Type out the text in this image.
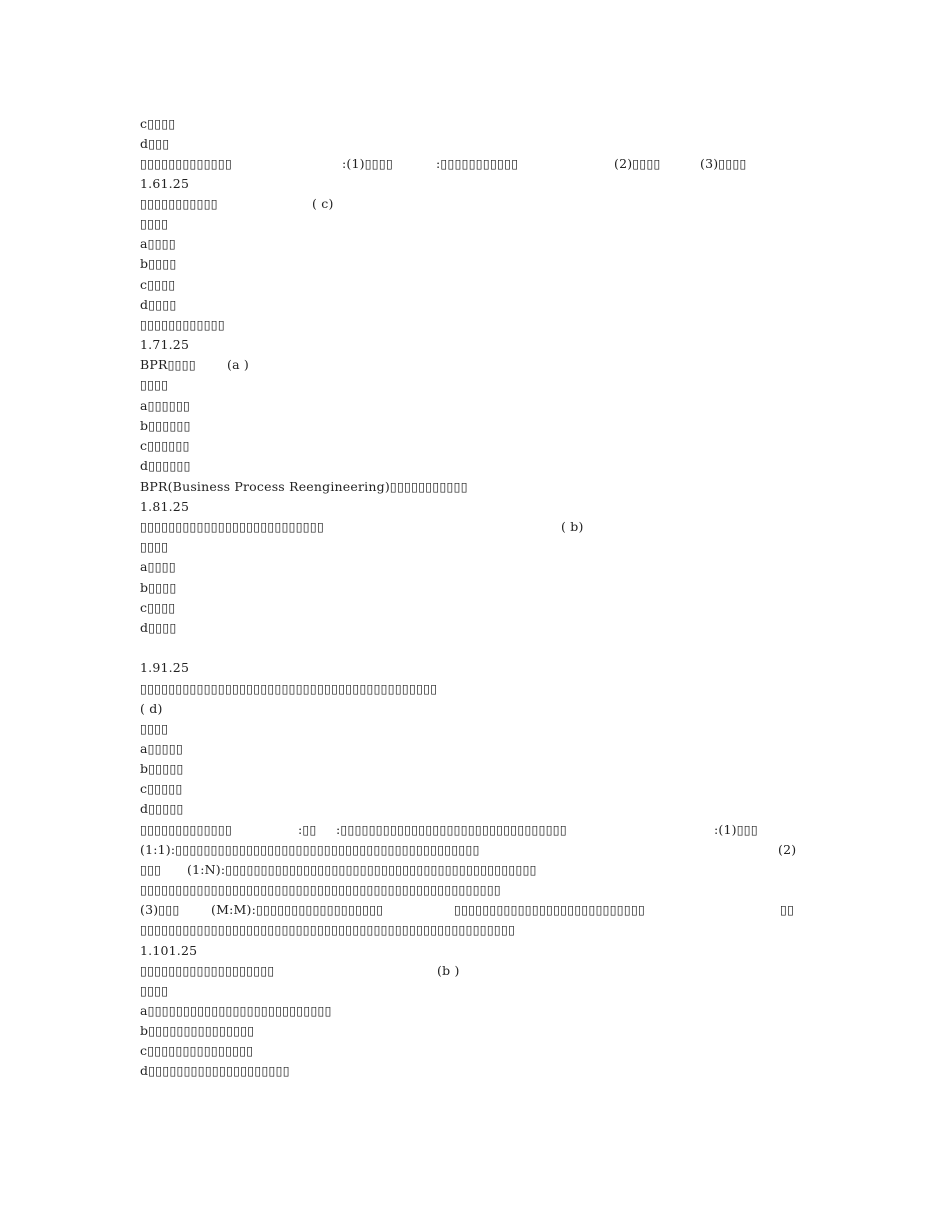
c▯▯▯▯
d▯▯▯
▯▯▯▯▯▯▯▯▯▯▯▯▯	:(1)▯▯▯▯	:▯▯▯▯▯▯▯▯▯▯▯	(2)▯▯▯▯	(3)▯▯▯▯
1.61.25
▯▯▯▯▯▯▯▯▯▯▯	( c)
▯▯▯▯
a▯▯▯▯
b▯▯▯▯
c▯▯▯▯
d▯▯▯▯
▯▯▯▯▯▯▯▯▯▯▯▯
1.71.25
BPR▯▯▯▯ (a )
▯▯▯▯
a▯▯▯▯▯▯
b▯▯▯▯▯▯
c▯▯▯▯▯▯
d▯▯▯▯▯▯
BPR(Business Process Reengineering)▯▯▯▯▯▯▯▯▯▯▯
1.81.25
▯▯▯▯▯▯▯▯▯▯▯▯▯▯▯▯▯▯▯▯▯▯▯▯▯▯	( b)
▯▯▯▯
a▯▯▯▯
b▯▯▯▯
c▯▯▯▯
d▯▯▯▯
1.91.25
▯▯▯▯▯▯▯▯▯▯▯▯▯▯▯▯▯▯▯▯▯▯▯▯▯▯▯▯▯▯▯▯▯▯▯▯▯▯▯▯▯▯
( d)
▯▯▯▯
a▯▯▯▯▯
b▯▯▯▯▯
c▯▯▯▯▯
d▯▯▯▯▯
▯▯▯▯▯▯▯▯▯▯▯▯▯	:▯▯ :▯▯▯▯▯▯▯▯▯▯▯▯▯▯▯▯▯▯▯▯▯▯▯▯▯▯▯▯▯▯▯▯	:(1)▯▯▯
(1:1):▯▯▯▯▯▯▯▯▯▯▯▯▯▯▯▯▯▯▯▯▯▯▯▯▯▯▯▯▯▯▯▯▯▯▯▯▯▯▯▯▯▯▯	(2)
▯▯▯ (1:N):▯▯▯▯▯▯▯▯▯▯▯▯▯▯▯▯▯▯▯▯▯▯▯▯▯▯▯▯▯▯▯▯▯▯▯▯▯▯▯▯▯▯▯▯
▯▯▯▯▯▯▯▯▯▯▯▯▯▯▯▯▯▯▯▯▯▯▯▯▯▯▯▯▯▯▯▯▯▯▯▯▯▯▯▯▯▯▯▯▯▯▯▯▯▯▯
(3)▯▯▯	(M:M):▯▯▯▯▯▯▯▯▯▯▯▯▯▯▯▯▯▯	▯▯▯▯▯▯▯▯▯▯▯▯▯▯▯▯▯▯▯▯▯▯▯▯▯▯▯	▯▯
▯▯▯▯▯▯▯▯▯▯▯▯▯▯▯▯▯▯▯▯▯▯▯▯▯▯▯▯▯▯▯▯▯▯▯▯▯▯▯▯▯▯▯▯▯▯▯▯▯▯▯▯▯
1.101.25
▯▯▯▯▯▯▯▯▯▯▯▯▯▯▯▯▯▯▯	(b )
▯▯▯▯
a▯▯▯▯▯▯▯▯▯▯▯▯▯▯▯▯▯▯▯▯▯▯▯▯▯▯
b▯▯▯▯▯▯▯▯▯▯▯▯▯▯▯
c▯▯▯▯▯▯▯▯▯▯▯▯▯▯▯
d▯▯▯▯▯▯▯▯▯▯▯▯▯▯▯▯▯▯▯▯
